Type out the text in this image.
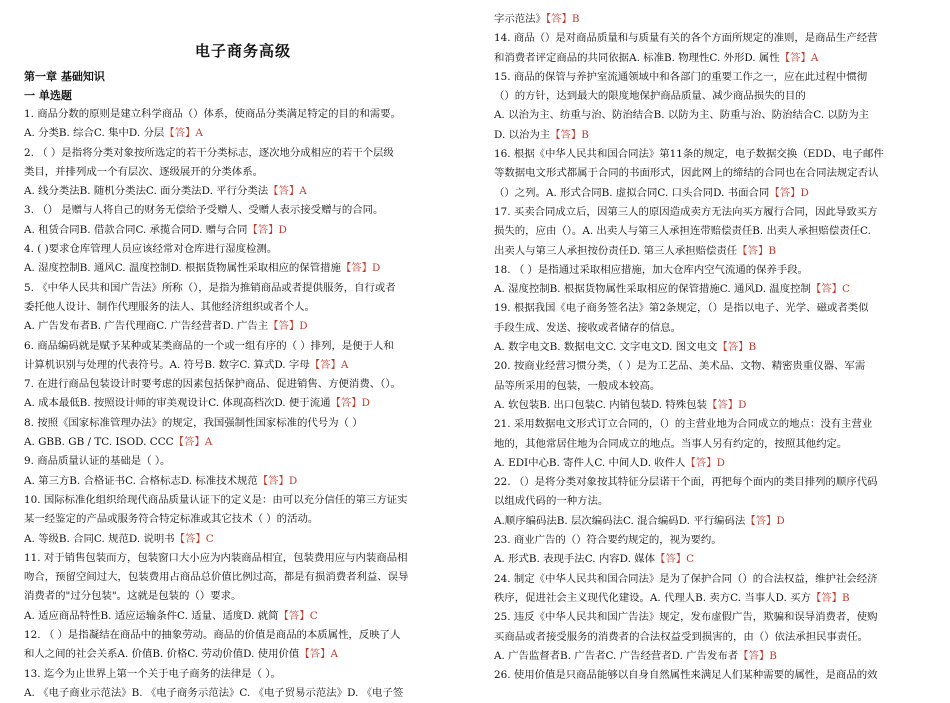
电子商务高级
第一章 基础知识
一 单选题
1. 商品分数的原则是建立科学商品（）体系，使商品分类满足特定的目的和需要。
A. 分类B. 综合C. 集中D. 分层【答】A
2. （ ）是指将分类对象按所选定的若干分类标志，逐次地分成相应的若干个层级
类目，并排列成一个有层次、逐级展开的分类体系。
A. 线分类法B. 随机分类法C. 面分类法D. 平行分类法【答】A
3. （） 是赠与人将自己的财务无偿给予受赠人、受赠人表示接受赠与的合同。
A. 租赁合同B. 借款合同C. 承揽合同D. 赠与合同【答】D
4. ( )要求仓库管理人员应该经常对仓库进行湿度检测。
A. 湿度控制B. 通风C. 温度控制D. 根据货物属性采取相应的保管措施【答】D
5. 《中华人民共和国广告法》所称（），是指为推销商品或者提供服务，自行或者
委托他人设计、制作代理服务的法人、其他经济组织或者个人。
A. 广告发布者B. 广告代理商C. 广告经营者D. 广告主【答】D
6. 商品编码就是赋予某种或某类商品的一个或一组有序的（ ）排列，是便于人和
计算机识别与处理的代表符号。A. 符号B. 数字C. 算式D. 字母【答】A
7. 在进行商品包装设计时要考虑的因素包括保护商品、促进销售、方便消费、（）。
A. 成本最低B. 按照设计师的审美观设计C. 体现高档次D. 便于流通【答】D
8. 按照《国家标准管理办法》的规定，我国强制性国家标准的代号为（ ）
A. GBB. GB / TC. ISOD. CCC【答】A
9. 商品质量认证的基础是（ ）。
A. 第三方B. 合格证书C. 合格标志D. 标准技术规范【答】D
10. 国际标准化组织给现代商品质量认证下的定义是：由可以充分信任的第三方证实
某一经鉴定的产品或服务符合特定标准或其它技术（ ）的活动。
A. 等级B. 合同C. 规范D. 说明书【答】C
11. 对于销售包装而方，包装窗口大小应为内装商品相宜，包装费用应与内装商品相
吻合，预留空间过大，包装费用占商品总价值比例过高，都是有损消费者利益、误导
消费者的"过分包装"。这就是包装的（）要求。
A. 适应商品特性B. 适应运输条件C. 适量、适度D. 就简【答】C
12. （ ）是指凝结在商品中的抽象劳动。商品的价值是商品的本质属性，反映了人
和人之间的社会关系A. 价值B. 价格C. 劳动价值D. 使用价值【答】A
13. 迄今为止世界上第一个关于电子商务的法律是（ ）。
A. 《电子商业示范法》B. 《电子商务示范法》C. 《电子贸易示范法》D. 《电子签
字示范法》【答】B
14. 商品（）是对商品质量和与质量有关的各个方面所规定的准则，是商品生产经营
和消费者评定商品的共同依据A. 标准B. 物理性C. 外形D. 属性【答】A
15. 商品的保管与养护室流通领域中和各部门的重要工作之一，应在此过程中惯彻
（）的方针，达到最大的限度地保护商品质量、减少商品损失的目的
A. 以治为主、纺重与治、防治结合B. 以防为主、防重与治、防治结合C. 以防为主
D. 以治为主【答】B
16. 根据《中华人民共和国合同法》第11条的规定，电子数据交换（EDD、电子邮件
等数据电文形式都属于合同的书面形式，因此网上的缔结的合同也在合同法规定否认
（）之列。A. 形式合同B. 虚拟合同C. 口头合同D. 书面合同【答】D
17. 买卖合同成立后，因第三人的原因造成卖方无法向买方履行合同，因此导致买方
损失的，应由（）。A. 出卖人与第三人承担连带赔偿责任B. 出卖人承担赔偿责任C.
出卖人与第三人承担按份责任D. 第三人承担赔偿责任【答】B
18. （ ）是指通过采取相应措施，加大仓库内空气流通的保养手段。
A. 湿度控制B. 根据货物属性采取相应的保管措施C. 通风D. 温度控制【答】C
19. 根据我国《电子商务签名法》第2条规定，（）是指以电子、光学、磁或者类似
手段生成、发送、接收或者储存的信息。
A. 数字电文B. 数据电文C. 文字电文D. 图文电文【答】B
20. 按商业经营习惯分类，（ ）是为工艺品、美术品、文物、精密贵重仪器、军需
品等所采用的包装，一般成本较高。
A. 软包装B. 出口包装C. 内销包装D. 特殊包装【答】D
21. 采用数据电文形式订立合同的，（）的主营业地为合同成立的地点：没有主营业
地的，其他常居住地为合同成立的地点。当事人另有约定的，按照其他约定。
A. EDI中心B. 寄件人C. 中间人D. 收件人【答】D
22. （）是将分类对象按其特征分层诺干个面，再把每个面内的类目排列的顺序代码
以组成代码的一种方法。
A.顺序编码法B. 层次编码法C. 混合编码D. 平行编码法【答】D
23. 商业广告的（）符合要约规定的，视为要约。
A. 形式B. 表现手法C. 内容D. 媒体【答】C
24. 制定《中华人民共和国合同法》是为了保护合同（）的合法权益，维护社会经济
秩序，促进社会主义现代化建设。A. 代理人B. 卖方C. 当事人D. 买方【答】B
25. 违反《中华人民共和国广告法》规定，发布虚假广告，欺骗和误导消费者，使购
买商品或者接受服务的消费者的合法权益受到损害的，由（）依法承担民事责任。
A. 广告监督者B. 广告者C. 广告经营者D. 广告发布者【答】B
26. 使用价值是只商品能够以自身自然属性来满足人们某种需要的属性，是商品的效
